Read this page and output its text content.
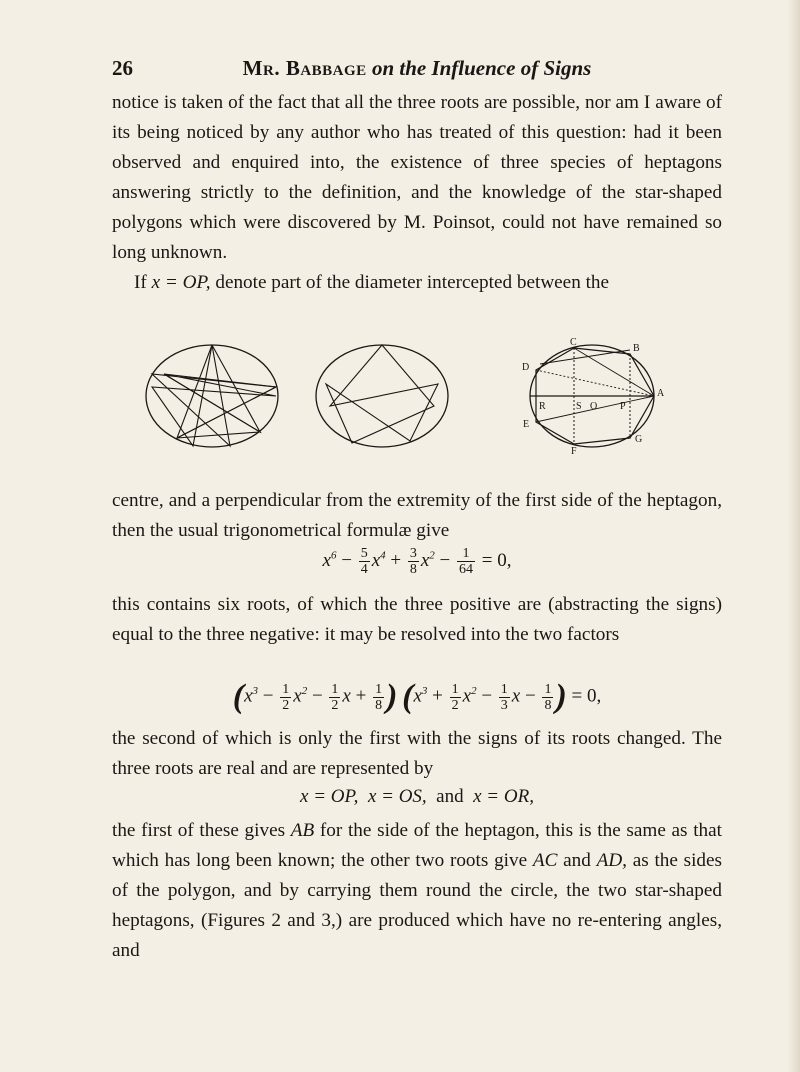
26	Mr. Babbage on the Influence of Signs

notice is taken of the fact that all the three roots are possible, nor am I aware of its being noticed by any author who has treated of this question: had it been observed and enquired into, the existence of three species of heptagons answering strictly to the definition, and the knowledge of the star-shaped polygons which were discovered by M. Poinsot, could not have remained so long unknown.

If x = OP, denote part of the diameter intercepted between the

C
B
D
A
E
G
F
R	S O P

centre, and a perpendicular from the extremity of the first side of the heptagon, then the usual trigonometrical formulæ give

$x^6 - \frac{5}{4} x^4 + \frac{3}{8} x^2 - \frac{1}{64} = 0$,

this contains six roots, of which the three positive are (abstracting the signs) equal to the three negative: it may be resolved into the two factors

($x^3 - \frac{1}{2} x^2 - \frac{1}{2}$ $x + \frac{1}{8}$ ) ($x^3 + \frac{1}{2} x^2 - \frac{1}{3}$ $x - \frac{1}{8}$ ) = 0,

the second of which is only the first with the signs of its roots changed. The three roots are real and are represented by

x = OP, x = OS, and x = OR,

the first of these gives AB for the side of the heptagon, this is the same as that which has long been known; the other two roots give AC and AD, as the sides of the polygon, and by carrying them round the circle, the two star-shaped heptagons, (Figures 2 and 3,) are produced which have no re-entering angles, and
